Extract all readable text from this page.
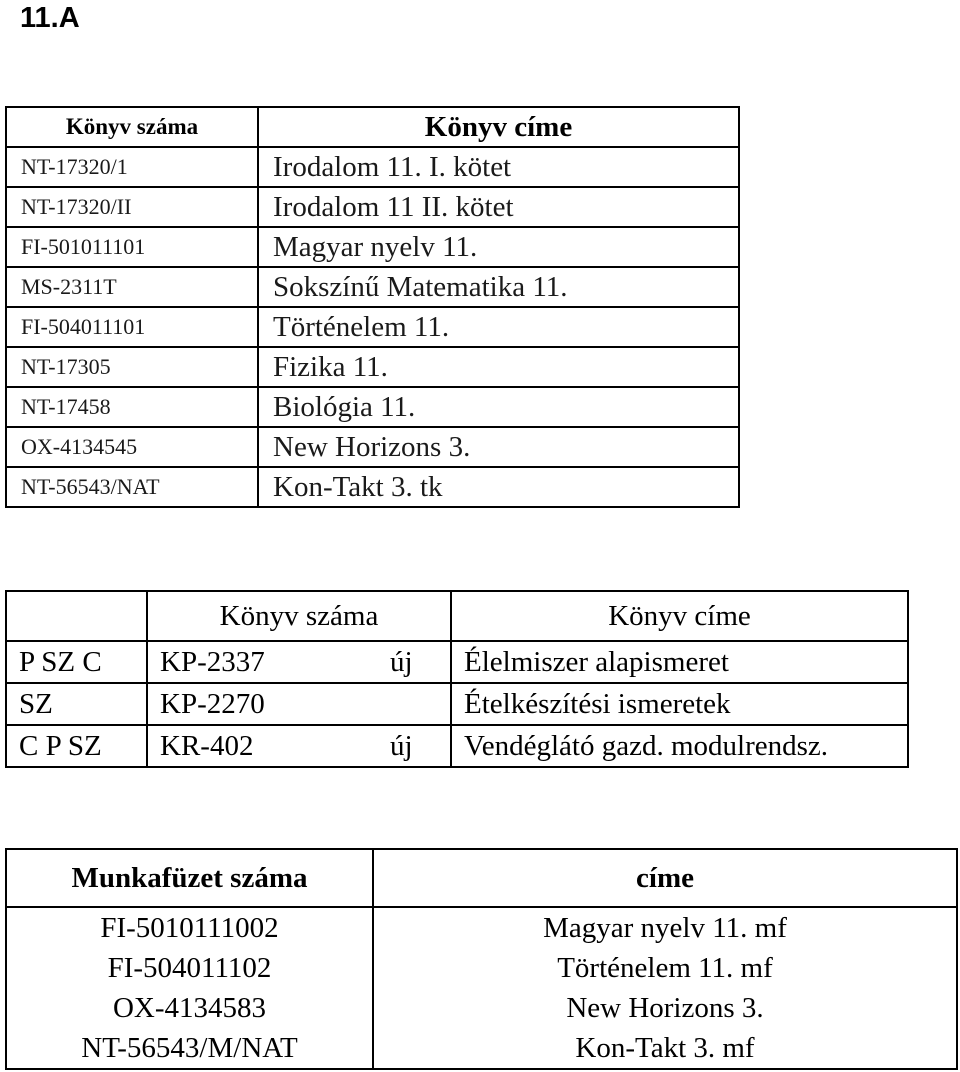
11.A
Könyv száma	Könyv címe
NT-17320/1	Irodalom 11. I. kötet
NT-17320/II	Irodalom 11 II. kötet
FI-501011101	Magyar nyelv 11.
MS-2311T	Sokszínű Matematika 11.
FI-504011101	Történelem 11.
NT-17305	Fizika 11.
NT-17458	Biológia 11.
OX-4134545	New Horizons 3.
NT-56543/NAT	Kon-Takt 3. tk
	Könyv száma		Könyv címe
P SZ C	KP-2337	új	Élelmiszer alapismeret
SZ	KP-2270		Ételkészítési ismeretek
C P SZ	KR-402	új	Vendéglátó gazd. modulrendsz.
Munkafüzet száma	címe
FI-5010111002	Magyar nyelv 11. mf
FI-504011102	Történelem 11. mf
OX-4134583	New Horizons 3.
NT-56543/M/NAT	Kon-Takt 3. mf
